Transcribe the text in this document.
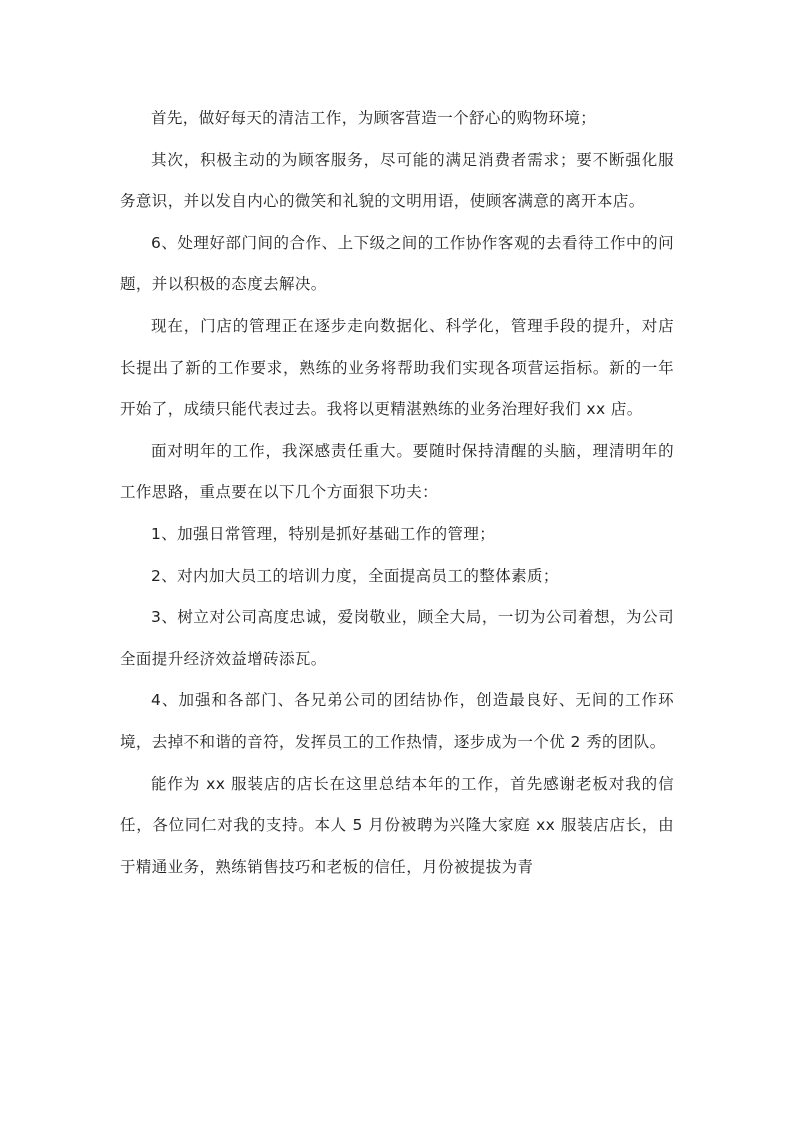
首先，做好每天的清洁工作，为顾客营造一个舒心的购物环境；

其次，积极主动的为顾客服务，尽可能的满足消费者需求；要不断强化服务意识，并以发自内心的微笑和礼貌的文明用语，使顾客满意的离开本店。

6、处理好部门间的合作、上下级之间的工作协作客观的去看待工作中的问题，并以积极的态度去解决。

现在，门店的管理正在逐步走向数据化、科学化，管理手段的提升，对店长提出了新的工作要求，熟练的业务将帮助我们实现各项营运指标。新的一年开始了，成绩只能代表过去。我将以更精湛熟练的业务治理好我们 xx 店。

面对明年的工作，我深感责任重大。要随时保持清醒的头脑，理清明年的工作思路，重点要在以下几个方面狠下功夫：

1、加强日常管理，特别是抓好基础工作的管理；

2、对内加大员工的培训力度，全面提高员工的整体素质；

3、树立对公司高度忠诚，爱岗敬业，顾全大局，一切为公司着想，为公司全面提升经济效益增砖添瓦。

4、加强和各部门、各兄弟公司的团结协作，创造最良好、无间的工作环境，去掉不和谐的音符，发挥员工的工作热情，逐步成为一个优 2 秀的团队。

能作为 xx 服装店的店长在这里总结本年的工作，首先感谢老板对我的信任，各位同仁对我的支持。本人 5 月份被聘为兴隆大家庭 xx 服装店店长，由于精通业务，熟练销售技巧和老板的信任，月份被提拔为青
